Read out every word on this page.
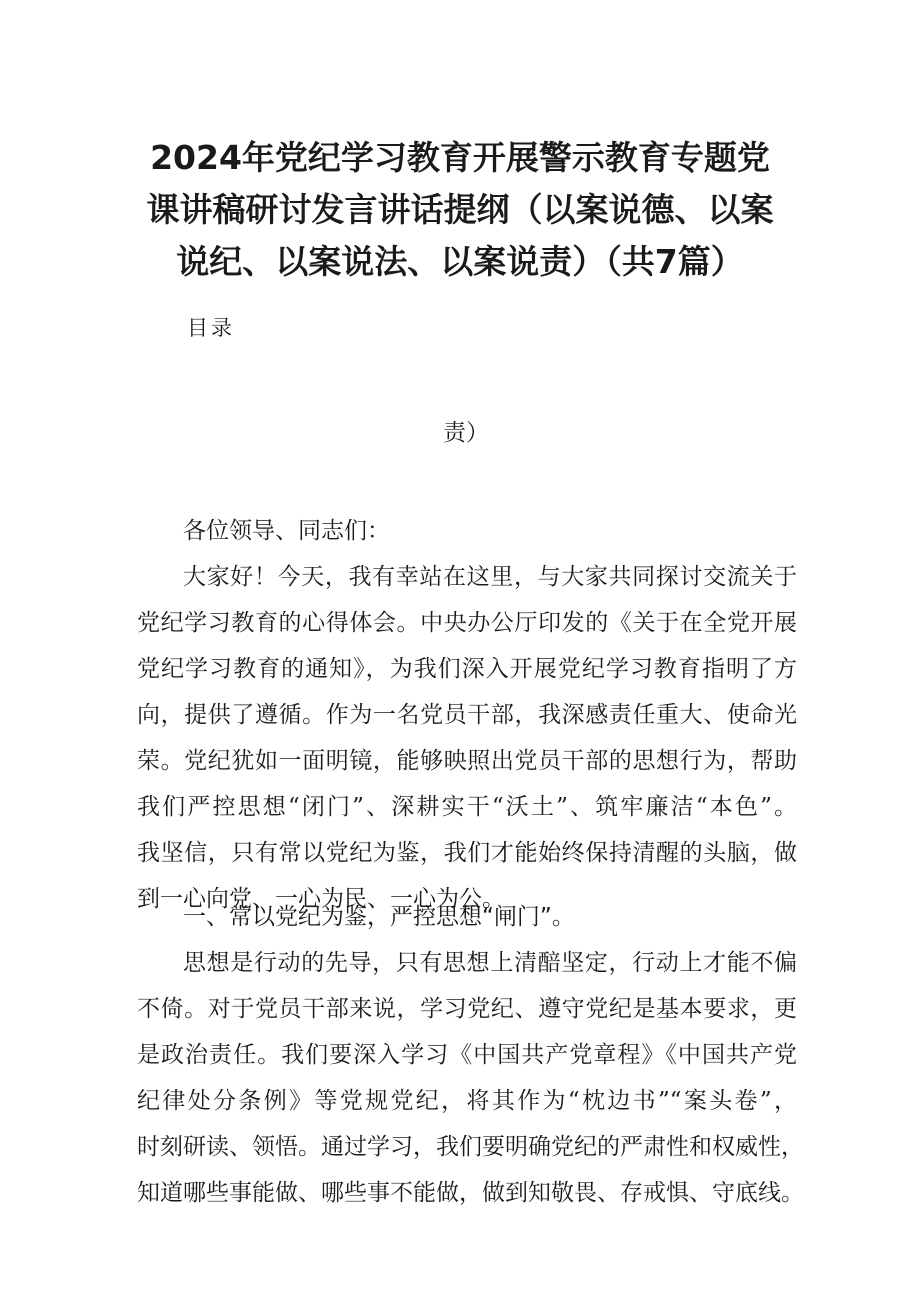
2024年党纪学习教育开展警示教育专题党
课讲稿研讨发言讲话提纲（以案说德、以案
说纪、以案说法、以案说责）（共7篇）
目录
责）
各位领导、同志们：
大家好！今天，我有幸站在这里，与大家共同探讨交流关于
党纪学习教育的心得体会。中央办公厅印发的《关于在全党开展
党纪学习教育的通知》，为我们深入开展党纪学习教育指明了方
向，提供了遵循。作为一名党员干部，我深感责任重大、使命光
荣。党纪犹如一面明镜，能够映照出党员干部的思想行为，帮助
我们严控思想“闭门”、深耕实干“沃土”、筑牢廉洁“本色”。
我坚信，只有常以党纪为鉴，我们才能始终保持清醒的头脑，做
到一心向党、一心为民、一心为公。
一、常以党纪为鉴，严控思想“闸门”。
思想是行动的先导，只有思想上清醅坚定，行动上才能不偏
不倚。对于党员干部来说，学习党纪、遵守党纪是基本要求，更
是政治责任。我们要深入学习《中国共产党章程》《中国共产党
纪律处分条例》等党规党纪，将其作为“枕边书”“案头卷”，
时刻研读、领悟。通过学习，我们要明确党纪的严肃性和权威性，
知道哪些事能做、哪些事不能做，做到知敬畏、存戒惧、守底线。
